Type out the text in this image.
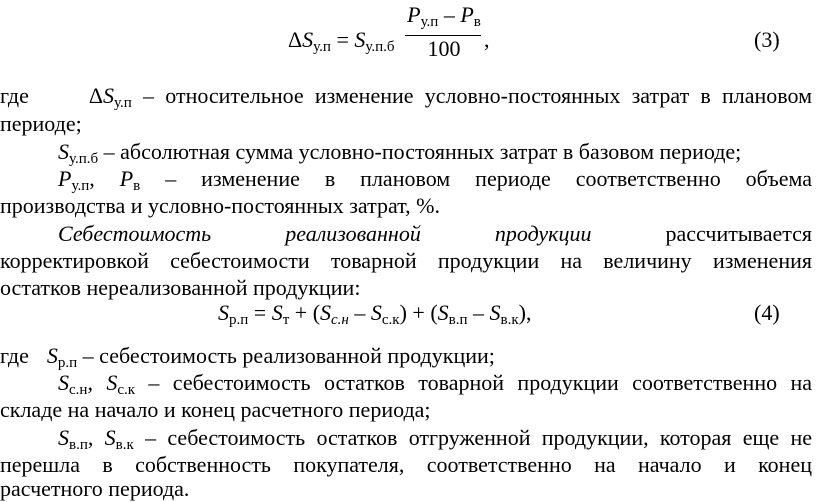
$\Delta S_{у.п} = S_{у.п.б}$
$P_{у.п} - P_в$
100	,	(3)
где	$\Delta S_{у.п}$ – относительное изменение условно-постоянных затрат в плановом
периоде;
$S_{у.п.б}$ – абсолютная сумма условно-постоянных затрат в базовом периоде;
$P_{у.п}$, $P_в$ – изменение в плановом периоде соответственно объема
производства и условно-постоянных затрат, %.
Себестоимость реализованной продукции	рассчитывается
корректировкой себестоимости товарной продукции на величину изменения
остатков нереализованной продукции:
$S_{р.п} = S_т + (S_{с.н} - S_{с.к}) + (S_{в.п} - S_{в.к})$,	(4)
где $S_{р.п}$ – себестоимость реализованной продукции;
$S_{с.н}$, $S_{с.к}$ – себестоимость остатков товарной продукции соответственно на
складе на начало и конец расчетного периода;
$S_{в.п}$, $S_{в.к}$ – себестоимость остатков отгруженной продукции, которая еще не
перешла в собственность покупателя, соответственно на начало и конец
расчетного периода.
